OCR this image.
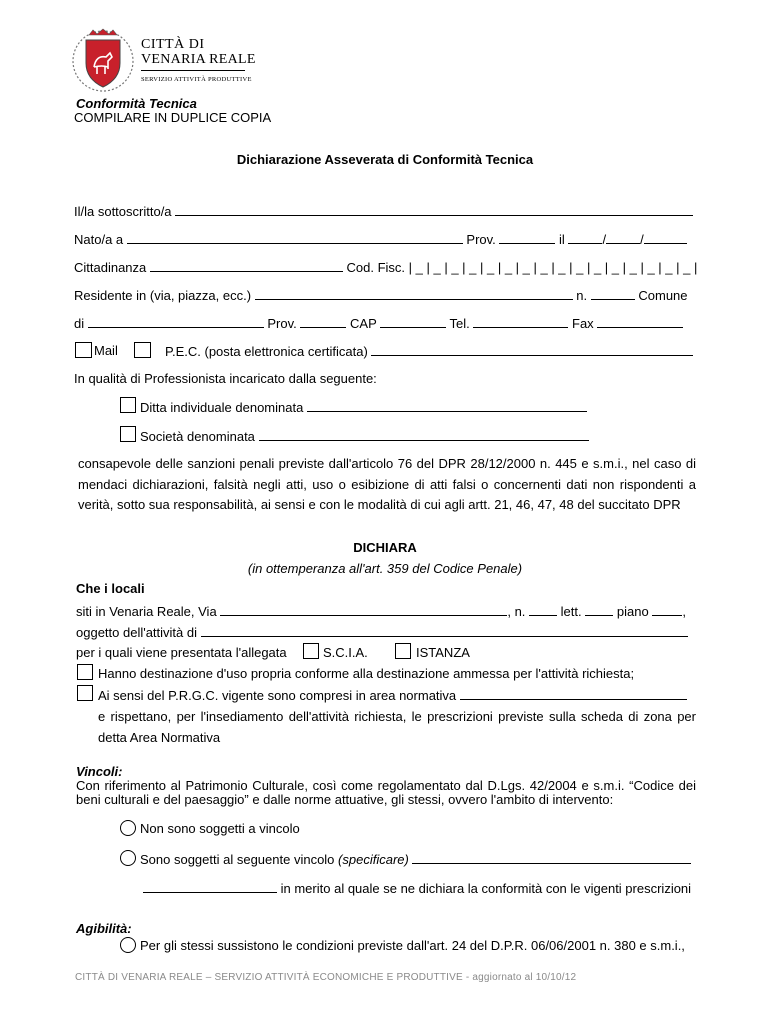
CITTÀ DI
VENARIA REALE
SERVIZIO ATTIVITÀ PRODUTTIVE
Conformità Tecnica
COMPILARE IN DUPLICE COPIA
Dichiarazione Asseverata di Conformità Tecnica
Il/la sottoscritto/a
Nato/a a	Prov.	il	/	/
Cittadinanza	Cod. Fisc. | _ | _ | _ | _ | _ | _ | _ | _ | _ | _ | _ | _ | _ | _ | _ | _ |
Residente in (via, piazza, ecc.)	n.	Comune
di	Prov.	CAP	Tel.	Fax
Mail	P.E.C. (posta elettronica certificata)
In qualità di Professionista incaricato dalla seguente:
Ditta individuale denominata
Società denominata
consapevole delle sanzioni penali previste dall'articolo 76 del DPR 28/12/2000 n. 445 e s.m.i., nel caso di
mendaci dichiarazioni, falsità negli atti, uso o esibizione di atti falsi o concernenti dati non rispondenti a
verità, sotto sua responsabilità, ai sensi e con le modalità di cui agli artt. 21, 46, 47, 48 del succitato DPR
DICHIARA
(in ottemperanza all'art. 359 del Codice Penale)
Che i locali
siti in Venaria Reale, Via	, n.	lett.	piano	,
oggetto dell'attività di
per i quali viene presentata l'allegata	S.C.I.A.	ISTANZA
Hanno destinazione d'uso propria conforme alla destinazione ammessa per l'attività richiesta;
Ai sensi del P.R.G.C. vigente sono compresi in area normativa
e rispettano, per l'insediamento dell'attività richiesta, le prescrizioni previste sulla scheda di zona per
detta Area Normativa
Vincoli:
Con riferimento al Patrimonio Culturale, così come regolamentato dal D.Lgs. 42/2004 e s.m.i. “Codice dei
beni culturali e del paesaggio” e dalle norme attuative, gli stessi, ovvero l'ambito di intervento:
Non sono soggetti a vincolo
Sono soggetti al seguente vincolo (specificare)
in merito al quale se ne dichiara la conformità con le vigenti prescrizioni
Agibilità:
Per gli stessi sussistono le condizioni previste dall'art. 24 del D.P.R. 06/06/2001 n. 380 e s.m.i.,
CITTÀ DI VENARIA REALE – SERVIZIO ATTIVITÀ ECONOMICHE E PRODUTTIVE - aggiornato al 10/10/12
